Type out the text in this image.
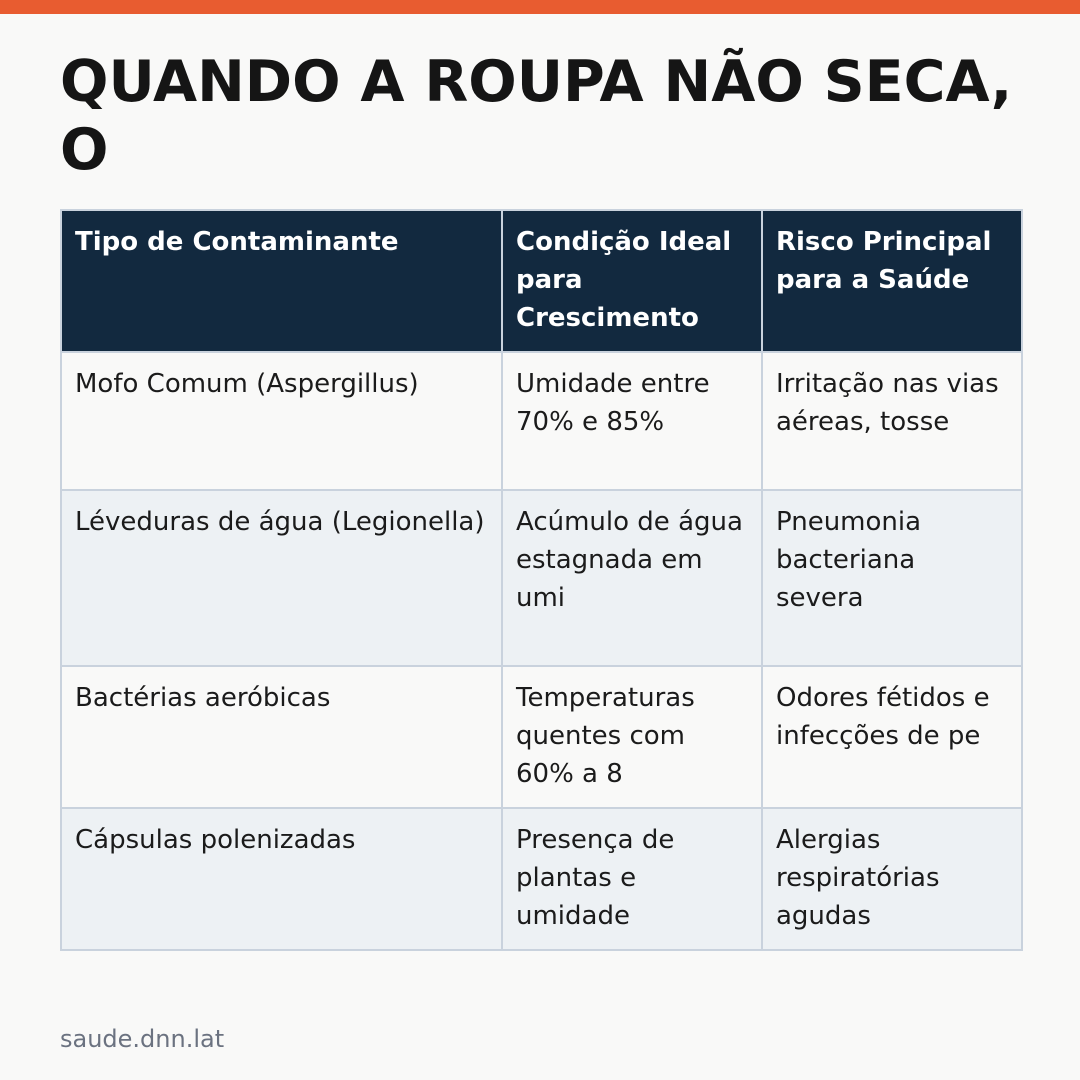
QUANDO A ROUPA NÃO SECA, O
Tipo de Contaminante	Condição Ideal para Crescimento	Risco Principal para a Saúde
Mofo Comum (Aspergillus)	Umidade entre 70% e 85%	Irritação nas vias aéreas, tosse
Léveduras de água (Legionella)	Acúmulo de água estagnada em umi	Pneumonia bacteriana severa
Bactérias aeróbicas	Temperaturas quentes com 60% a 8	Odores fétidos e infecções de pe
Cápsulas polenizadas	Presença de plantas e umidade	Alergias respiratórias agudas
saude.dnn.lat
